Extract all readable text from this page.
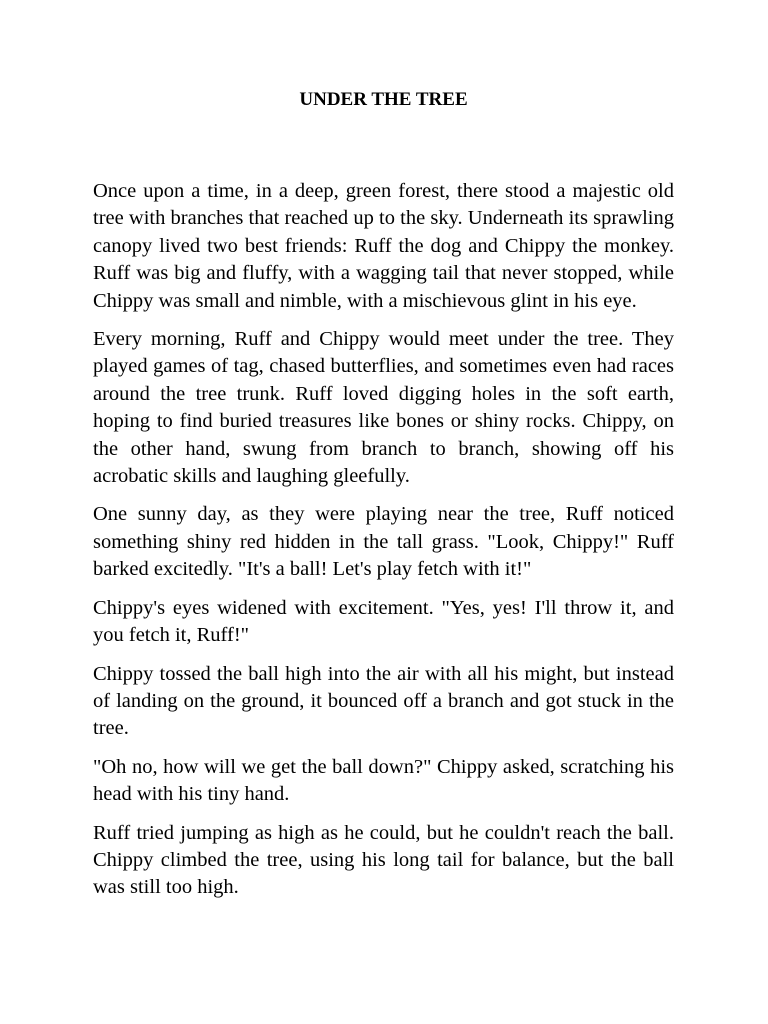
UNDER THE TREE

Once upon a time, in a deep, green forest, there stood a majestic old tree with branches that reached up to the sky. Underneath its sprawling canopy lived two best friends: Ruff the dog and Chippy the monkey. Ruff was big and fluffy, with a wagging tail that never stopped, while Chippy was small and nimble, with a mischievous glint in his eye.

Every morning, Ruff and Chippy would meet under the tree. They played games of tag, chased butterflies, and sometimes even had races around the tree trunk. Ruff loved digging holes in the soft earth, hoping to find buried treasures like bones or shiny rocks. Chippy, on the other hand, swung from branch to branch, showing off his acrobatic skills and laughing gleefully.

One sunny day, as they were playing near the tree, Ruff noticed something shiny red hidden in the tall grass. "Look, Chippy!" Ruff barked excitedly. "It's a ball! Let's play fetch with it!"

Chippy's eyes widened with excitement. "Yes, yes! I'll throw it, and you fetch it, Ruff!"

Chippy tossed the ball high into the air with all his might, but instead of landing on the ground, it bounced off a branch and got stuck in the tree.

"Oh no, how will we get the ball down?" Chippy asked, scratching his head with his tiny hand.

Ruff tried jumping as high as he could, but he couldn't reach the ball. Chippy climbed the tree, using his long tail for balance, but the ball was still too high.
